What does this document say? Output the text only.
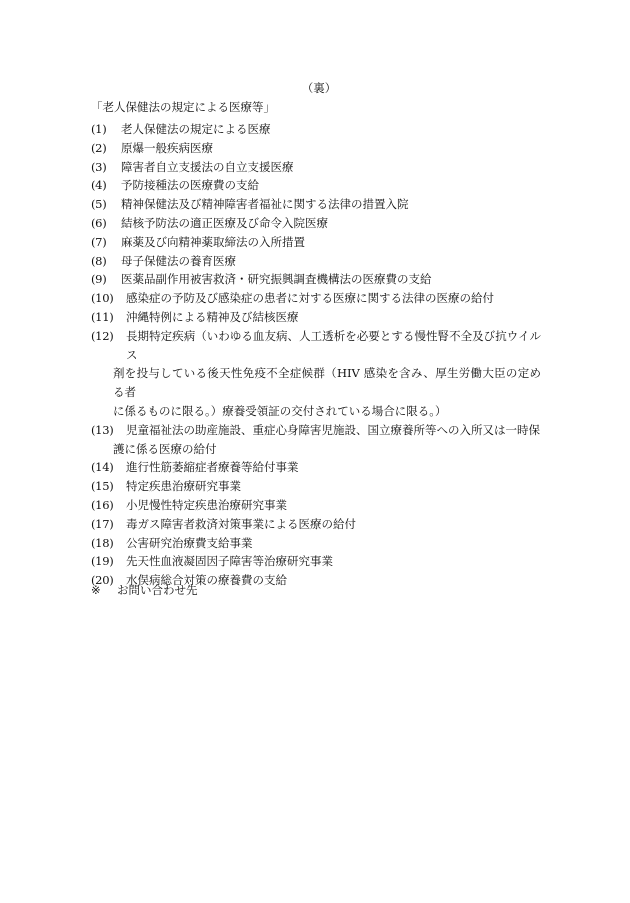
（裏）
「老人保健法の規定による医療等」
(1)	老人保健法の規定による医療
(2)	原爆一般疾病医療
(3)	障害者自立支援法の自立支援医療
(4)	予防接種法の医療費の支給
(5)	精神保健法及び精神障害者福祉に関する法律の措置入院
(6)	結核予防法の適正医療及び命令入院医療
(7)	麻薬及び向精神薬取締法の入所措置
(8)	母子保健法の養育医療
(9)	医薬品副作用被害救済・研究振興調査機構法の医療費の支給
(10)	感染症の予防及び感染症の患者に対する医療に関する法律の医療の給付
(11)	沖縄特例による精神及び結核医療
(12)	長期特定疾病（いわゆる血友病、人工透析を必要とする慢性腎不全及び抗ウイルス
剤を投与している後天性免疫不全症候群（HIV 感染を含み、厚生労働大臣の定める者
に係るものに限る。）療養受領証の交付されている場合に限る。）
(13)	児童福祉法の助産施設、重症心身障害児施設、国立療養所等への入所又は一時保
護に係る医療の給付
(14)	進行性筋萎縮症者療養等給付事業
(15)	特定疾患治療研究事業
(16)	小児慢性特定疾患治療研究事業
(17)	毒ガス障害者救済対策事業による医療の給付
(18)	公害研究治療費支給事業
(19)	先天性血液凝固因子障害等治療研究事業
(20)	水俣病総合対策の療養費の支給
※ お問い合わせ先
